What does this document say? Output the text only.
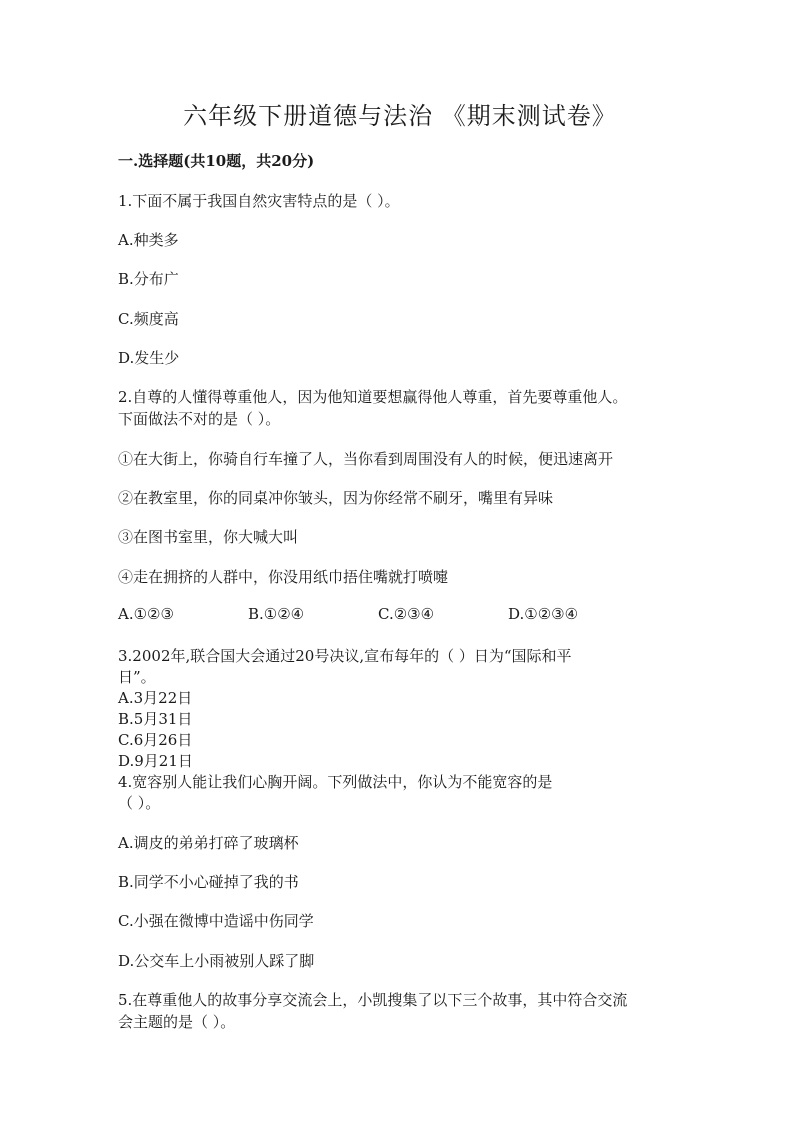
六年级下册道德与法治 《期末测试卷》
一.选择题(共10题，共20分)
1.下面不属于我国自然灾害特点的是（ ）。
A.种类多
B.分布广
C.频度高
D.发生少
2.自尊的人懂得尊重他人，因为他知道要想赢得他人尊重，首先要尊重他人。
下面做法不对的是（ ）。
①在大街上，你骑自行车撞了人，当你看到周围没有人的时候，便迅速离开
②在教室里，你的同桌冲你皱头，因为你经常不刷牙，嘴里有异味
③在图书室里，你大喊大叫
④走在拥挤的人群中，你没用纸巾捂住嘴就打喷嚏
A.①②③	B.①②④	C.②③④	D.①②③④
3.2002年,联合国大会通过20号决议,宣布每年的（ ）日为“国际和平
日”。
A.3月22日
B.5月31日
C.6月26日
D.9月21日
4.宽容别人能让我们心胸开阔。下列做法中，你认为不能宽容的是
（ ）。
A.调皮的弟弟打碎了玻璃杯
B.同学不小心碰掉了我的书
C.小强在微博中造谣中伤同学
D.公交车上小雨被别人踩了脚
5.在尊重他人的故事分享交流会上，小凯搜集了以下三个故事，其中符合交流
会主题的是（ ）。
